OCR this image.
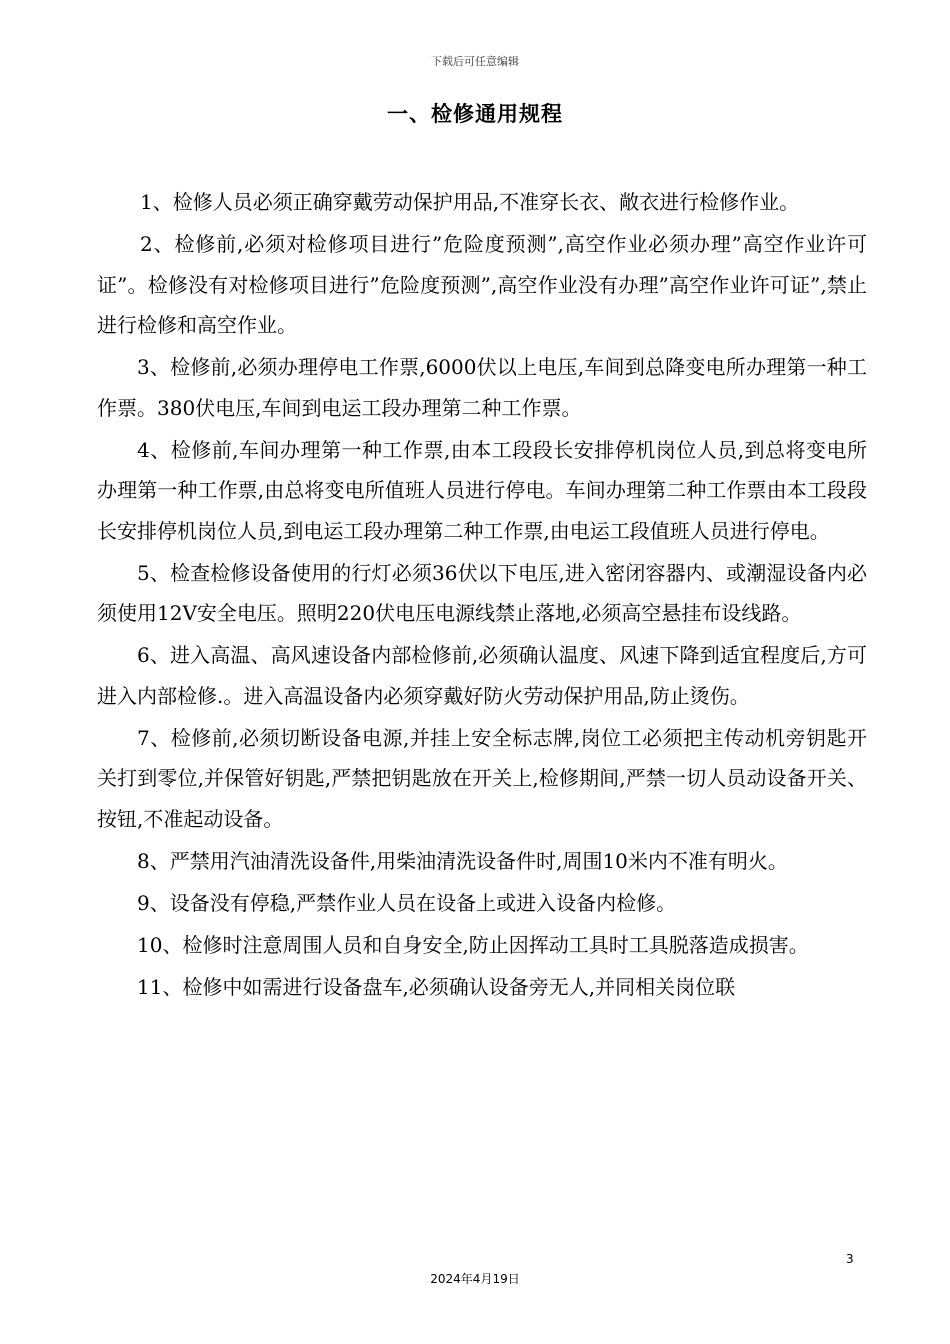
下载后可任意编辑
一、检修通用规程

1、检修人员必须正确穿戴劳动保护用品,不准穿长衣、敞衣进行检修作业。

2、检修前,必须对检修项目进行”危险度预测”,高空作业必须办理”高空作业许可证”。检修没有对检修项目进行”危险度预测”,高空作业没有办理”高空作业许可证”,禁止进行检修和高空作业。

3、检修前,必须办理停电工作票,6000伏以上电压,车间到总降变电所办理第一种工作票。380伏电压,车间到电运工段办理第二种工作票。

4、检修前,车间办理第一种工作票,由本工段段长安排停机岗位人员,到总将变电所办理第一种工作票,由总将变电所值班人员进行停电。车间办理第二种工作票由本工段段长安排停机岗位人员,到电运工段办理第二种工作票,由电运工段值班人员进行停电。

5、检查检修设备使用的行灯必须36伏以下电压,进入密闭容器内、或潮湿设备内必须使用12V安全电压。照明220伏电压电源线禁止落地,必须高空悬挂布设线路。

6、进入高温、高风速设备内部检修前,必须确认温度、风速下降到适宜程度后,方可进入内部检修.。进入高温设备内必须穿戴好防火劳动保护用品,防止烫伤。

7、检修前,必须切断设备电源,并挂上安全标志牌,岗位工必须把主传动机旁钥匙开关打到零位,并保管好钥匙,严禁把钥匙放在开关上,检修期间,严禁一切人员动设备开关、按钮,不准起动设备。

8、严禁用汽油清洗设备件,用柴油清洗设备件时,周围10米内不准有明火。

9、设备没有停稳,严禁作业人员在设备上或进入设备内检修。

10、检修时注意周围人员和自身安全,防止因挥动工具时工具脱落造成损害。

11、检修中如需进行设备盘车,必须确认设备旁无人,并同相关岗位联

3
2024年4月19日
